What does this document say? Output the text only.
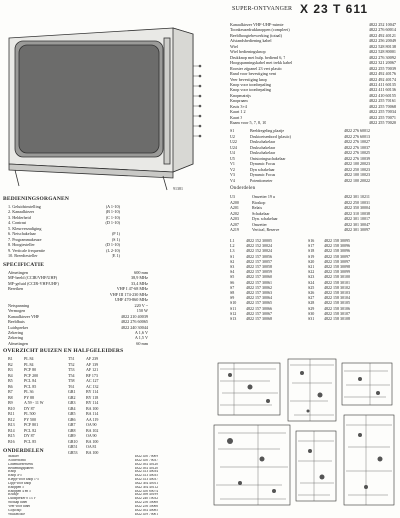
SUPER-ONTVANGER X 23 T 611
91381
Kanaalkiezer VHF-UHF-ruimte	4822 252 10047
Toonkeuzedrukknoppen (compleet)	4822 276 60014
Beeldhoogtebewerking (totaal)	4822 492 40121
Afstandsbediening kabel	4822 256 20049
Wiel	4822 528 80138
Wiel bedieningsknop	4822 528 80001
Drukknop met hulp. bediend 6, 7	4822 276 30092
Hoogspanningskabel met trekk kabel	4822 321 20067
Rooster zijpanel 23 vert plastic	4822 255 70039
Rand voor bevestiging vent	4822 492 40176
Veer bevestiging knop	4822 492 40174
Knop voor toonbepaling	4822 411 60135
Knop voor toonbepaling	4822 411 60136
Knopmatrijs	4822 410 60155
Knopraam	4822 255 70161
Kruis 3+4	4822 255 70068
Kaart 1 2	4822 255 70034
Kaart 3	4822 255 70071
Raam voor 5, 7, 8, 10	4822 255 70020
S1	Beeldregeling plaatje	4822 276 60012
U2	Druktoetsenbord (plastic)	4822 276 60013
U22	Drukschakelaar	4822 276 10027
U24	Drukschakelaar	4822 276 10037
U4	Drukschakelaar	4822 276 10025
U5	Ontstoringsschakelaar	4822 276 10039
V1	Dynamic Focus	4822 100 20023
V2	Dyn schakelaar	4822 250 10023
V3	Dynamic Focus	4822 100 10023
V4	Potentiometer	4822 100 20022
BEDIENINGSORGANEN
1. Geluidsinstelling	(A 1-10)
2. Kanaalkiezer	(B 1-10)
3. Helderheid	(C 1-10)
4. Contrast	(D 1-10)
5. Kleurverzadiging
6. Netschakelaar	(P 1)
7. Programmakeuze	(S 1)
8. Hoogtesteller	(D 1-10)
9. Verticale frequentie	(L 2-10)
10. Breedtesteller	(E 1)
SPECIFICATIE
Afmetingen	600 mm
MF-beeld (CCIR/VHF/UHF)	38,9 MHz
MF-geluid (CCIR-VHF/UHF)	33,4 MHz
Bereiken	VHF I 47-68 MHz
VHF III 174-230 MHz
UHF 470-860 MHz
Netspanning	220 V ~
Vermogen	150 W
Kanaalkiezer VHF	4822 210 40039
Beeldbuis	4822 276 60065
Luidspreker	4822 240 30044
Zekering	A 1,6 V
Zekering	A 1,5 V
Afmetingen	60 mm
OVERZICHT BUIZEN EN HALFGELEIDERS
B1	PL 84	T51	AF 239
B2	PL 84	T52	AF 139
B3	PCF 80	T53	AF 121
B4	PCF 200	T54	BF 173
B5	PCL 84	T58	AC 127
B6	PCL 85	T61	AC 132
B7	PL 36	GR1	BY 114
B8	PY 88	GR2	BY 118
B9	A 59 - 11 W	GR3	BY 114
B10	DY 87	GR4	BA 100
B11	PL 500	GR5	BA 114
B12	PY 500	GR6	AA 119
B13	PCF 801	GR7	OA 90
B14	PCL 82	GR8	BA 102
B15	DY 87	GR9	OA 90
B16	PCL 85	GR10	BA 100
GR51	OA 81
GR53	BA 100
ONDERDELEN
Masker	4822 450 70009
Achterwand	4822 450 70037
Lattenkiezerwerk	4822 492 40120
Bedieningspaneel	4822 492 40120
Knop	4822 413 40034
Knop 4-5	4822 413 40035
Klepje voor knop 1-5	4822 413 40037
Lipje voor knop	4822 492 40011
Knoppen 5	4822 492 40112
Knoppen 4 en 5	4822 450 60074
Kruisje	4822 498 40199
Luidspreker 0 13 V	4822 240 10032
Stofkap tuner	4822 256 30068
Veer voor tuner	4822 256 30066
Glijschijf	4822 492 40085
Wikkelfolie	4822 459 70001
Onderdelen
U3	Omzetter 19 u	4822 301 10211
A200	Bioskop	4822 250 10031
A201	Relais	4822 350 30004
A202	Schakelaar	4822 310 10038
A203	Dyn. schakelaar	4822 301 10017
A207	Omzetter	4822 301 30047
A219	Vertical, Reserve	4822 301 30097
L1	4822 152 30005	S16	4822 158 30095
L2	4822 152 30024	S17	4822 158 30096
L3	4822 152 30024	S18	4822 158 30096
S1	4822 157 30056	S19	4822 158 30097
S2	4822 157 30057	S20	4822 158 30097
S3	4822 157 30058	S21	4822 158 30098
S4	4822 157 30059	S22	4822 158 30099
S5	4822 157 30060	S23	4822 158 30100
S6	4822 157 30061	S24	4822 158 30101
S7	4822 157 30062	S25	4822 158 30102
S8	4822 157 30063	S26	4822 158 30103
S9	4822 157 30064	S27	4822 158 30104
S10	4822 157 30065	S28	4822 158 30105
S11	4822 157 30066	S29	4822 158 30106
S12	4822 157 30067	S30	4822 158 30107
S13	4822 157 30068	S31	4822 158 30108
